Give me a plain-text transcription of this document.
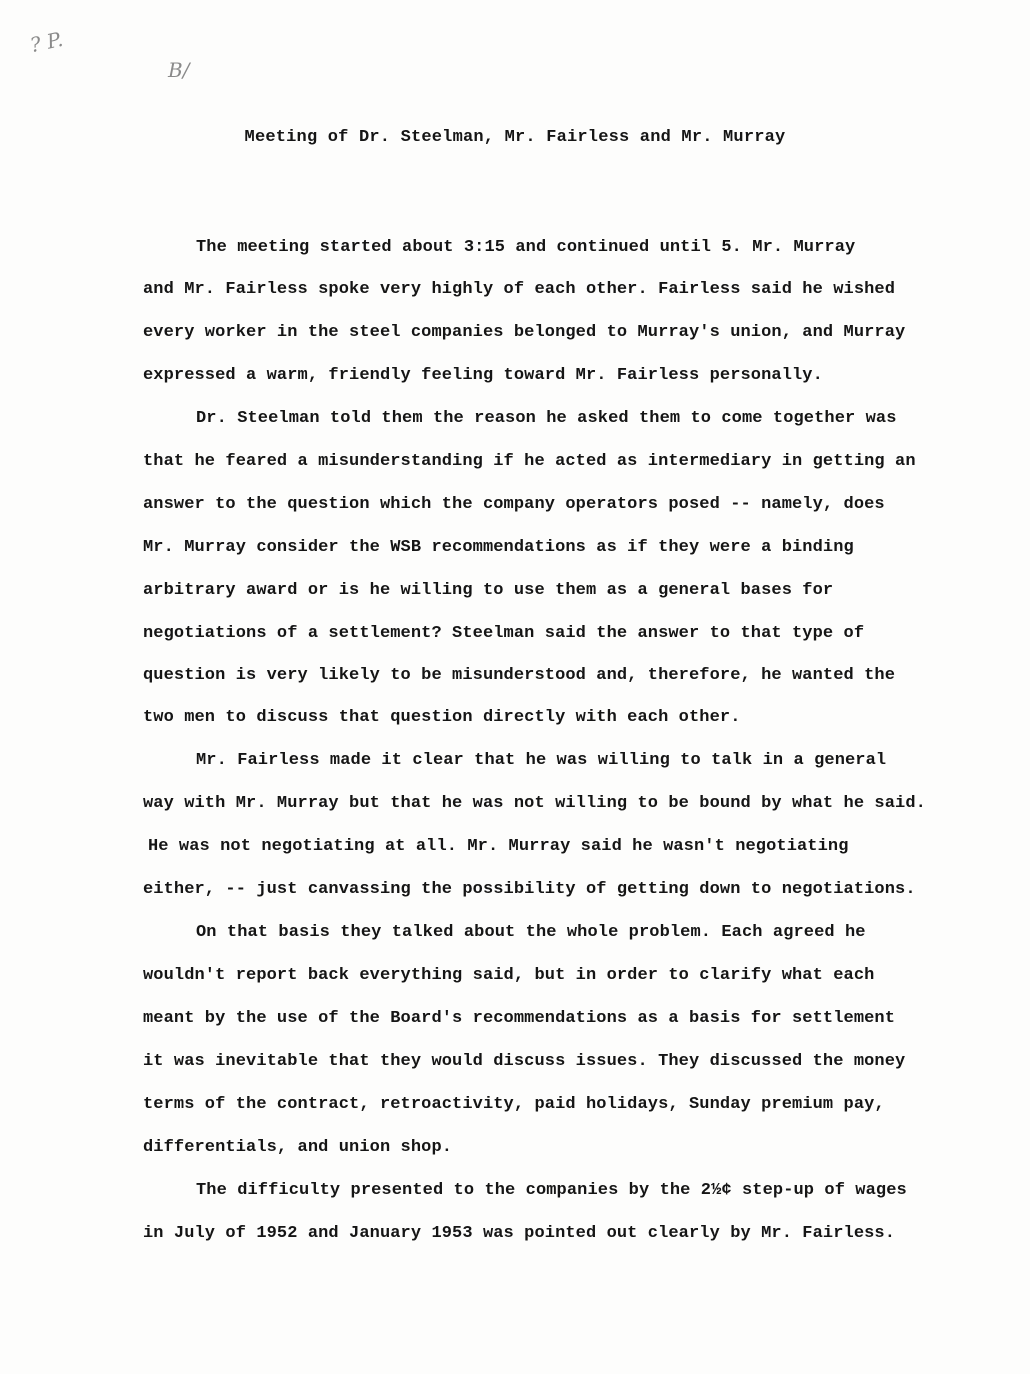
? P.
B/
Meeting of Dr. Steelman, Mr. Fairless and Mr. Murray
The meeting started about 3:15 and continued until 5. Mr. Murray
and Mr. Fairless spoke very highly of each other. Fairless said he wished
every worker in the steel companies belonged to Murray's union, and Murray
expressed a warm, friendly feeling toward Mr. Fairless personally.
Dr. Steelman told them the reason he asked them to come together was
that he feared a misunderstanding if he acted as intermediary in getting an
answer to the question which the company operators posed -- namely, does
Mr. Murray consider the WSB recommendations as if they were a binding
arbitrary award or is he willing to use them as a general bases for
negotiations of a settlement? Steelman said the answer to that type of
question is very likely to be misunderstood and, therefore, he wanted the
two men to discuss that question directly with each other.
Mr. Fairless made it clear that he was willing to talk in a general
way with Mr. Murray but that he was not willing to be bound by what he said.
He was not negotiating at all. Mr. Murray said he wasn't negotiating
either, -- just canvassing the possibility of getting down to negotiations.
On that basis they talked about the whole problem. Each agreed he
wouldn't report back everything said, but in order to clarify what each
meant by the use of the Board's recommendations as a basis for settlement
it was inevitable that they would discuss issues. They discussed the money
terms of the contract, retroactivity, paid holidays, Sunday premium pay,
differentials, and union shop.
The difficulty presented to the companies by the 2½¢ step-up of wages
in July of 1952 and January 1953 was pointed out clearly by Mr. Fairless.
